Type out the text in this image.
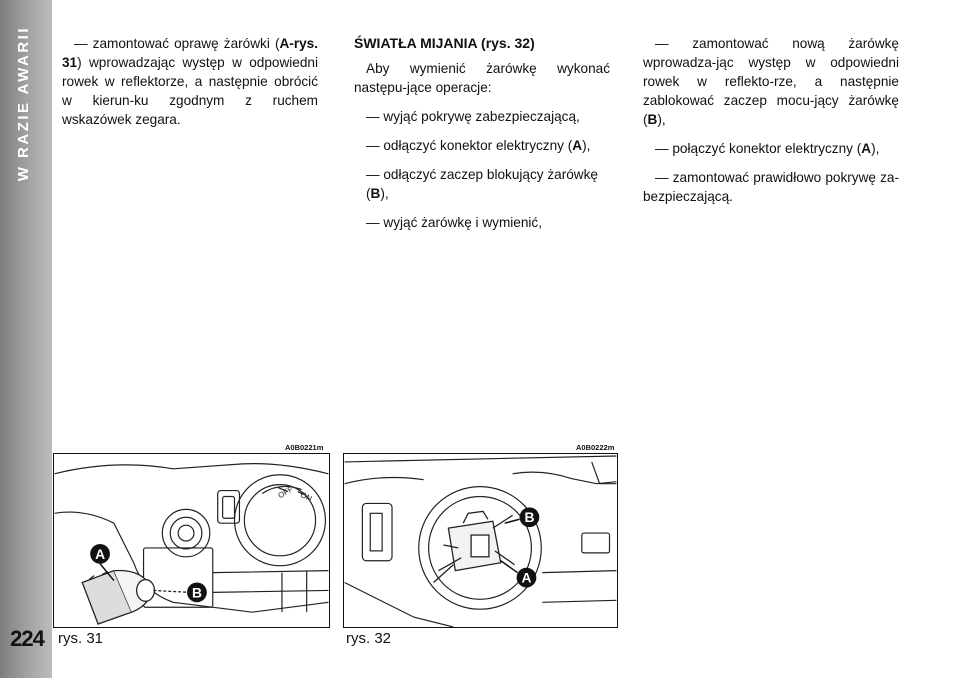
W RAZIE AWARII
224

— zamontować oprawę żarówki (A-rys. 31) wprowadzając występ w odpowiedni rowek w reflektorze, a następnie obrócić w kierun-ku zgodnym z ruchem wskazówek zegara.

ŚWIATŁA MIJANIA (rys. 32)

Aby wymienić żarówkę wykonać następu-jące operacje:

— wyjąć pokrywę zabezpieczającą,

— odłączyć konektor elektryczny (A),

— odłączyć zaczep blokujący żarówkę (B),

— wyjąć żarówkę i wymienić,

— zamontować nową żarówkę wprowadza-jąc występ w odpowiedni rowek w reflekto-rze, a następnie zablokować zaczep mocu-jący żarówkę (B),

— połączyć konektor elektryczny (A),

— zamontować prawidłowo pokrywę za-bezpieczającą.

A0B0221m
OFF ON
A
B
rys. 31
A0B0222m
B
A
rys. 32
